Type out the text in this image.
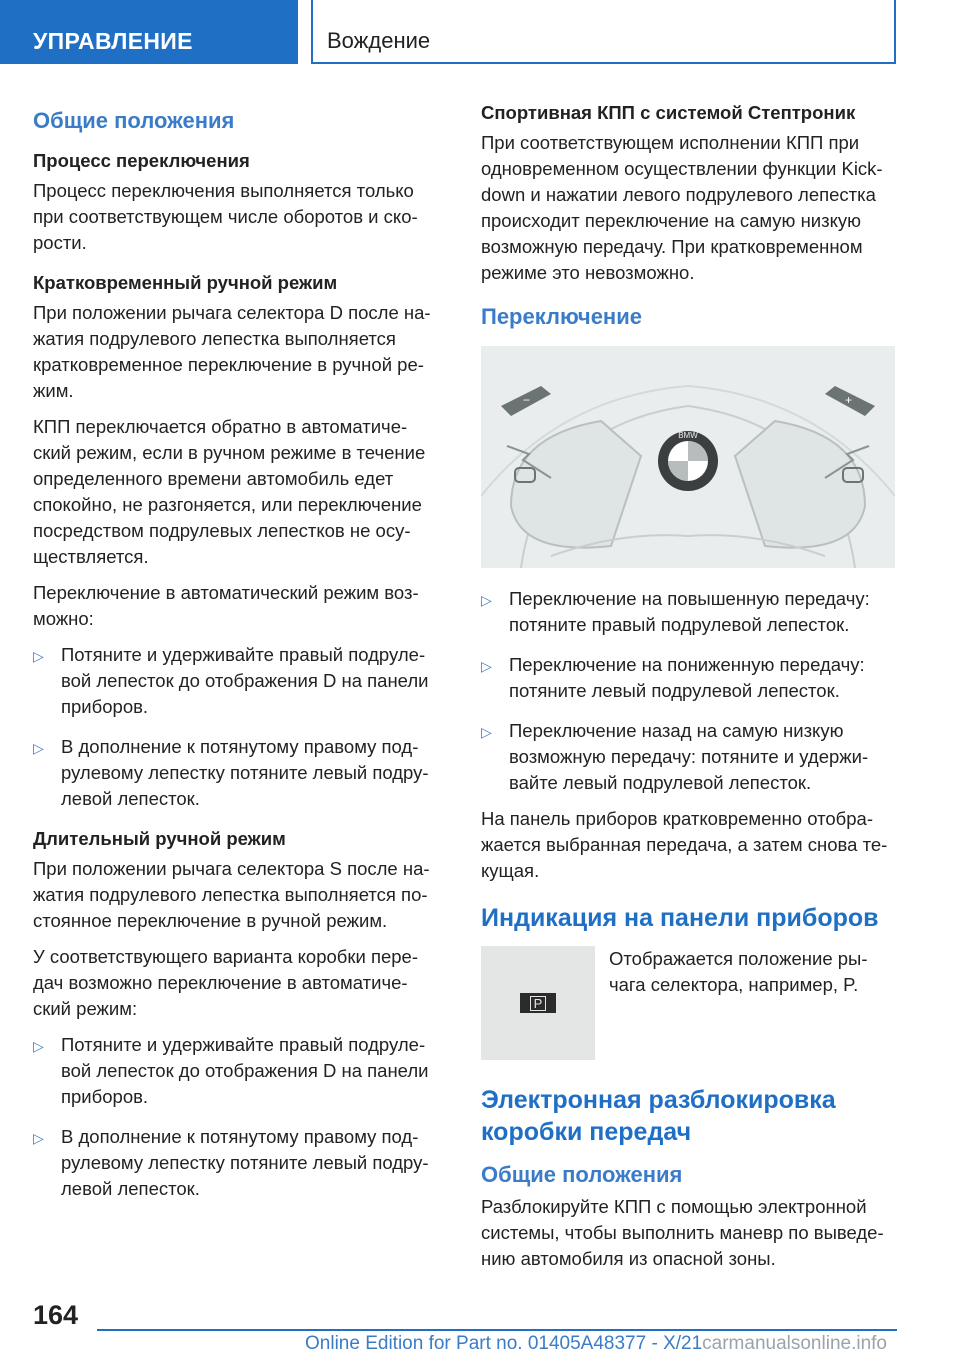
УПРАВЛЕНИЕ	Вождение
Общие положения
Процесс переключения

Процесс переключения выполняется только при соответствующем числе оборотов и ско-рости.

Кратковременный ручной режим

При положении рычага селектора D после на-жатия подрулевого лепестка выполняется кратковременное переключение в ручной ре-жим.

КПП переключается обратно в автоматиче-ский режим, если в ручном режиме в течение определенного времени автомобиль едет спокойно, не разгоняется, или переключение посредством подрулевых лепестков не осу-ществляется.

Переключение в автоматический режим воз-можно:

▷ Потяните и удерживайте правый подруле-вой лепесток до отображения D на панели приборов.
▷ В дополнение к потянутому правому под-рулевому лепестку потяните левый подру-левой лепесток.
Длительный ручной режим

При положении рычага селектора S после на-жатия подрулевого лепестка выполняется по-стоянное переключение в ручной режим.

У соответствующего варианта коробки пере-дач возможно переключение в автоматиче-ский режим:

▷ Потяните и удерживайте правый подруле-вой лепесток до отображения D на панели приборов.
▷ В дополнение к потянутому правому под-рулевому лепестку потяните левый подру-левой лепесток.
Спортивная КПП с системой Стептроник

При соответствующем исполнении КПП при одновременном осуществлении функции Kick-down и нажатии левого подрулевого лепестка происходит переключение на самую низкую возможную передачу. При кратковременном режиме это невозможно.

Переключение
−	+
BMW
▷ Переключение на повышенную передачу: потяните правый подрулевой лепесток.
▷ Переключение на пониженную передачу: потяните левый подрулевой лепесток.
▷ Переключение назад на самую низкую возможную передачу: потяните и удержи-вайте левый подрулевой лепесток.

На панель приборов кратковременно отобра-жается выбранная передача, а затем снова те-кущая.

Индикация на панели приборов
P

Отображается положение ры-чага селектора, например, P.

Электронная разблокировка коробки передач
Общие положения

Разблокируйте КПП с помощью электронной системы, чтобы выполнить маневр по выведе-нию автомобиля из опасной зоны.

164
Online Edition for Part no. 01405A48377 - X/21carmanualsonline.info
